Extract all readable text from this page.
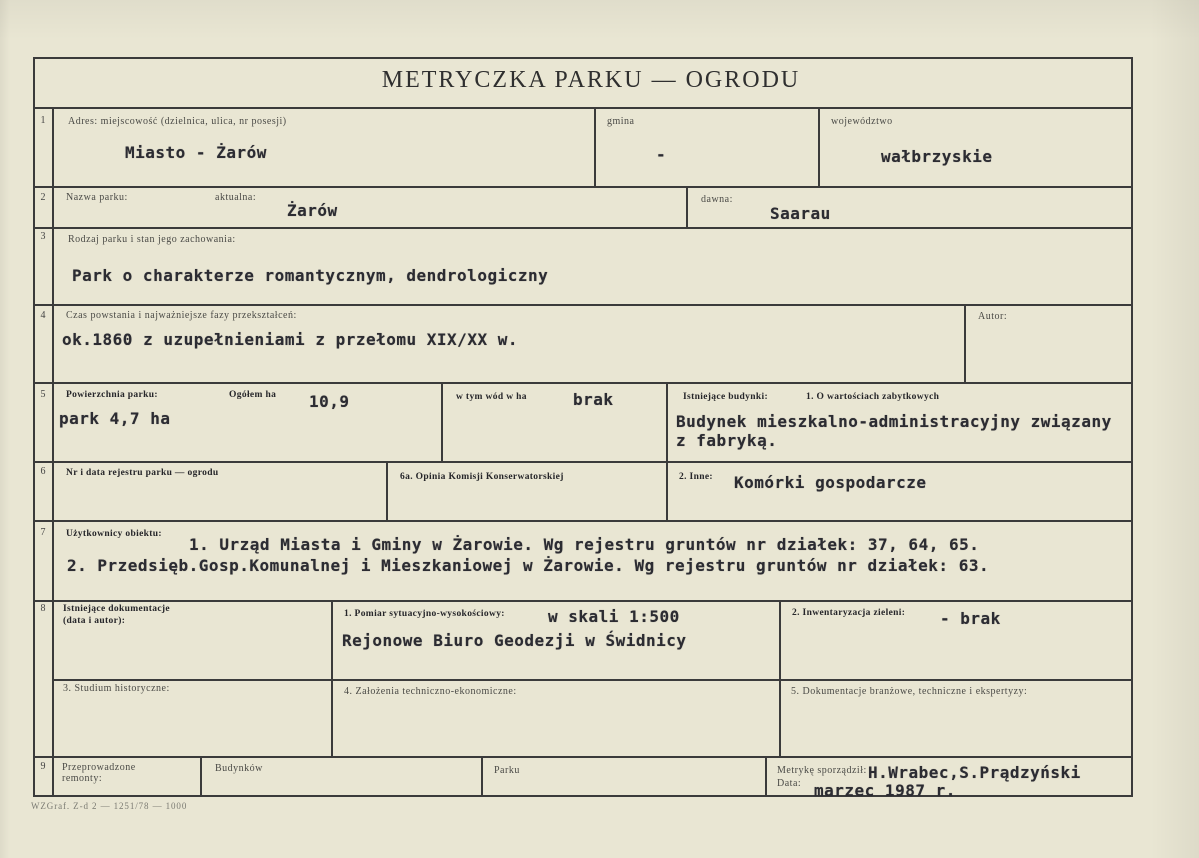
METRYCZKA PARKU — OGRODU
1	Adres: miejscowość (dzielnica, ulica, nr posesji)
Miasto - Żarów
gmina
-
województwo
wałbrzyskie
2	Nazwa parku:	aktualna:
Żarów
dawna:
Saarau
3	Rodzaj parku i stan jego zachowania:
Park o charakterze romantycznym, dendrologiczny
4	Czas powstania i najważniejsze fazy przekształceń:
ok.1860 z uzupełnieniami z przełomu XIX/XX w.
Autor:
5	Powierzchnia parku:	Ogółem ha 10,9
park 4,7 ha
w tym wód w ha	brak	Istniejące budynki:	1. O wartościach zabytkowych
Budynek mieszkalno-administracyjny związany
z fabryką.
6	Nr i data rejestru parku — ogrodu	6a. Opinia Komisji Konserwatorskiej	2. Inne: Komórki gospodarcze
7	Użytkownicy obiektu:
1. Urząd Miasta i Gminy w Żarowie. Wg rejestru gruntów nr działek: 37, 64, 65.
2. Przedsięb.Gosp.Komunalnej i Mieszkaniowej w Żarowie. Wg rejestru gruntów nr działek: 63.
8	Istniejące dokumentacje
(data i autor):
1. Pomiar sytuacyjno-wysokościowy:	w skali 1:500
Rejonowe Biuro Geodezji w Świdnicy
2. Inwentaryzacja zieleni: - brak
3. Studium historyczne:	4. Założenia techniczno-ekonomiczne:	5. Dokumentacje branżowe, techniczne i ekspertyzy:
9	Przeprowadzone
remonty:
Budynków	Parku	Metrykę sporządził: H.Wrabec,S.Prądzyński
Data: marzec 1987 r.
WZGraf. Z-d 2 — 1251/78 — 1000
